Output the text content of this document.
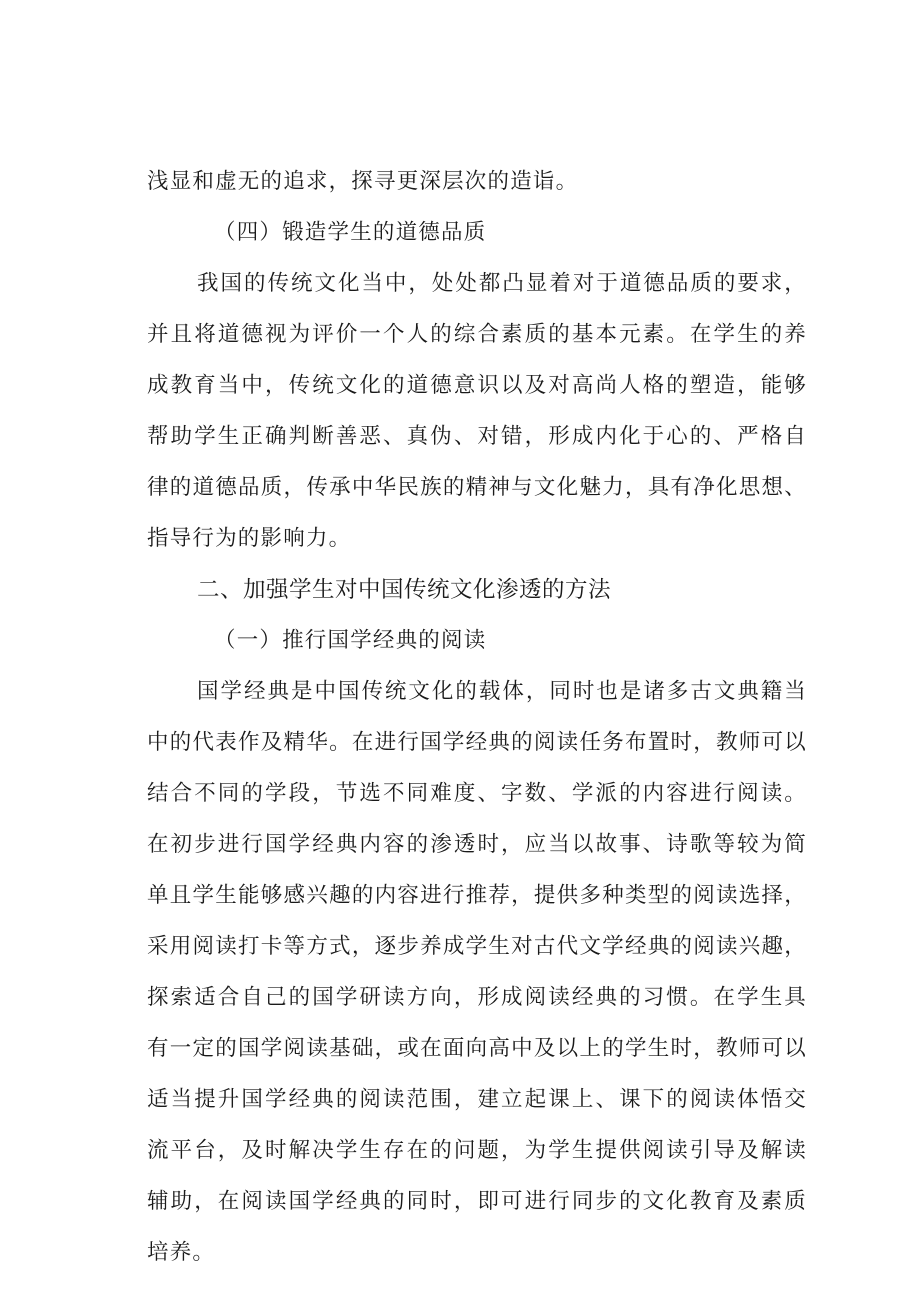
浅显和虚无的追求，探寻更深层次的造诣。
（四）锻造学生的道德品质
我国的传统文化当中，处处都凸显着对于道德品质的要求，
并且将道德视为评价一个人的综合素质的基本元素。在学生的养
成教育当中，传统文化的道德意识以及对高尚人格的塑造，能够
帮助学生正确判断善恶、真伪、对错，形成内化于心的、严格自
律的道德品质，传承中华民族的精神与文化魅力，具有净化思想、
指导行为的影响力。
二、加强学生对中国传统文化渗透的方法
（一）推行国学经典的阅读
国学经典是中国传统文化的载体，同时也是诸多古文典籍当
中的代表作及精华。在进行国学经典的阅读任务布置时，教师可以
结合不同的学段，节选不同难度、字数、学派的内容进行阅读。
在初步进行国学经典内容的渗透时，应当以故事、诗歌等较为简
单且学生能够感兴趣的内容进行推荐，提供多种类型的阅读选择，
采用阅读打卡等方式，逐步养成学生对古代文学经典的阅读兴趣，
探索适合自己的国学研读方向，形成阅读经典的习惯。在学生具
有一定的国学阅读基础，或在面向高中及以上的学生时，教师可以
适当提升国学经典的阅读范围，建立起课上、课下的阅读体悟交
流平台，及时解决学生存在的问题，为学生提供阅读引导及解读
辅助，在阅读国学经典的同时，即可进行同步的文化教育及素质
培养。
